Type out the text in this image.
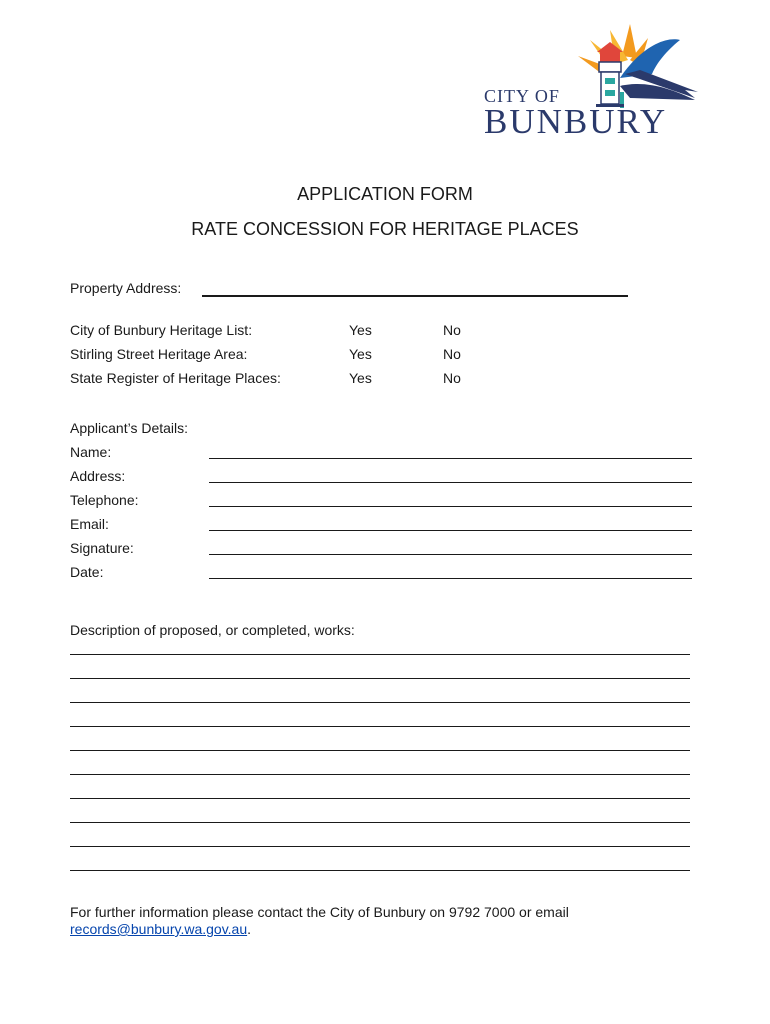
CITY OF
BUNBURY
APPLICATION FORM
RATE CONCESSION FOR HERITAGE PLACES
Property Address:
City of Bunbury Heritage List:	Yes	No
Stirling Street Heritage Area:	Yes	No
State Register of Heritage Places:	Yes	No
Applicant’s Details:
Name:
Address:
Telephone:
Email:
Signature:
Date:
Description of proposed, or completed, works:
For further information please contact the City of Bunbury on 9792 7000 or email
records@bunbury.wa.gov.au.
